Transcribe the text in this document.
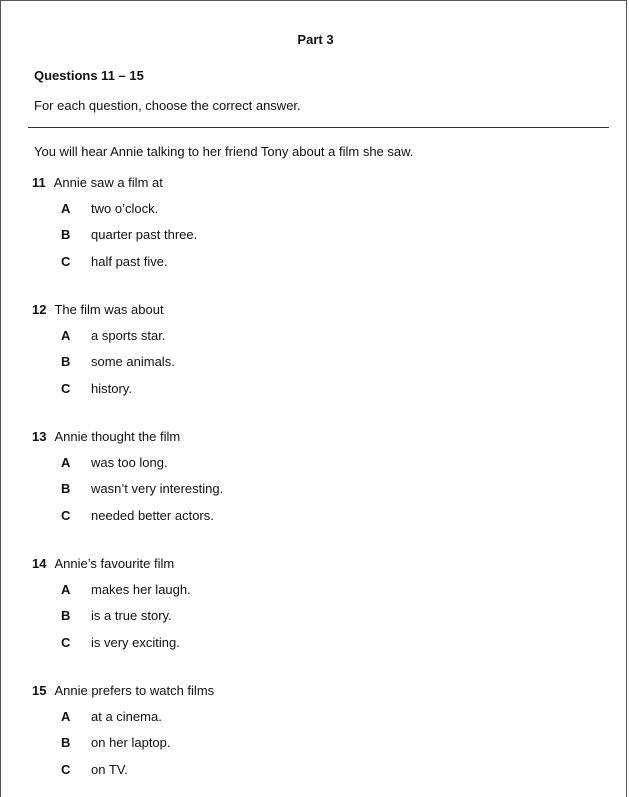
Part 3
Questions 11 – 15
For each question, choose the correct answer.
You will hear Annie talking to her friend Tony about a film she saw.
11 Annie saw a film at
A two o’clock.
B quarter past three.
C half past five.
12 The film was about
A a sports star.
B some animals.
C history.
13 Annie thought the film
A was too long.
B wasn’t very interesting.
C needed better actors.
14 Annie’s favourite film
A makes her laugh.
B is a true story.
C is very exciting.
15 Annie prefers to watch films
A at a cinema.
B on her laptop.
C on TV.
